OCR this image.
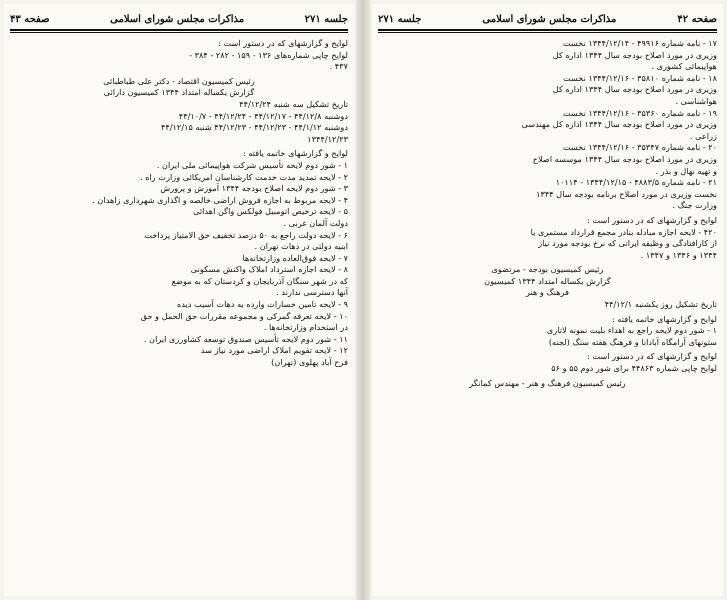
صفحه ۴۳	مذاکرات مجلس شورای اسلامی	جلسه ۲۷۱

لوایح و گزارشهای که در دستور است :

لوایح چاپی شماره‌های ۱۳۶ - ۱۵۹ - ۲۸۲ - ۳۸۴ -

۴۳۷ .

رئیس کمیسیون اقتصاد - دکتر علی طباطبائی

گزارش یکساله امتداد ۱۳۴۴ کمیسیون دارائی

تاریخ تشکیل سه شنبه ۴۴/۱۲/۲۴

دوشنبه ۴۴/۱۲/۸ - ۴۴/۱۲/۱۷ - ۴۴/۱۲/۲۴ - ۴۴/۱۰/۷

دوشنبه ۴۴/۱/۱۲ - ۴۴/۱۲/۲۳ - ۴۴/۱۲/۲۳ شنبه ۴۴/۱۲/۱۵

۱۳۴۴/۱۲/۲۳

لوایح و گزارشهای خاتمه یافته :

۱ - شور دوم لایحه تأسیس شرکت هواپیمائی ملی ایران .

۲ - لایحه تمدید مدت خدمت کارشناسان امریکائی وزارت راه .

۳ - شور دوم لایحه اصلاح بودجه ۱۳۴۴ آموزش و پرورش

۴ - لایحه مربوط به اجازه فروش اراضی خالصه و اگذاری شهرداری زاهدان .

۵ - لایحه ترخیص اتومبیل فولکس واگن اهدائی

دولت آلمان غربی .

۶ - لایحه دولت راجع به ۵۰ درصد تخفیف حق الامتیاز پرداخت

ابنیه دولتی در دهات تهران .

۷ - لایحه فوق‌العاده وزارتخانه‌ها

۸ - لایحه اجازه استرداد املاک واکنش مسکونی

که در شهر سنگان آذربایجان و کردستان که به موضع

آنها دسترسی ندارند .

۹ - لایحه تامین خسارات وارده به دهات آسیب دیده

۱۰ - لایحه تعرفه گمرکی و مجموعه مقررات حق الحمل و حق

در استخدام وزارتخانه‌ها .

۱۱ - شور دوم لایحه تأسیس صندوق توسعه کشاورزی ایران .

۱۲ - لایحه تقویم املاک اراضی مورد نیاز سد

فرح آباد پهلوی (تهران)

جلسه ۲۷۱	مذاکرات مجلس شورای اسلامی	صفحه ۴۲

۱۷ - نامه شماره ۴۹۹۱۶ - ۱۳۴۴/۱۲/۱۴ نخست

وزیری در مورد اصلاح بودجه سال ۱۳۴۴ اداره کل

هواپیمائی کشوری .

۱۸ - نامه شماره ۳۵۸۱۰ - ۱۳۴۴/۱۲/۱۶ نخست

وزیری در مورد اصلاح بودجه سال ۱۳۴۴ اداره کل

هواشناسی .

۱۹ - نامه شماره ۳۵۳۶۰ - ۱۳۴۴/۱۲/۱۶ نخست

وزیری در مورد اصلاح بودجه سال ۱۳۴۴ اداره کل مهندسی

زراعی .

۲۰ - نامه شماره ۳۵۳۴۷ - ۱۳۴۴/۱۲/۱۶ نخست

وزیری در مورد اصلاح بودجه سال ۱۳۴۴ موسسه اصلاح

و تهیه نهال و بذر .

۲۱ - نامه شماره ۴۸۸۳/۵ - ۱۳۴۴/۱۲/۱۵ - ۱۰۱۱۴

نخست وزیری در مورد اصلاح برنامه بودجه سال ۱۳۴۴

وزارت جنگ .

لوایح و گزارشهای که در دستور است :

۴۲۰ - لایحه اجازه مبادله بنادر مجمع قرارداد مستمری یا

از کارافتادگی و وظیفه ایرانی که نرخ بودجه مورد نیاز

۱۳۴۴ و ۱۳۴۶ و ۱۳۴۷ .

رئیس کمیسیون بودجه - مرتضوی

گزارش یکساله امتداد ۱۳۴۴ کمیسیون

فرهنگ و هنر

تاریخ تشکیل روز یکشنبه ۴۴/۱۲/۱

لوایح و گزارشهای خاتمه یافته :

۱ - شور دوم لایحه راجع به اهداء بلیت نمونه لاتاری

ستونهای آرامگاه آبادانا و فرهنگ هفته سنگ (لجنه)

لوایح و گزارشهای که در دستور است :

لوایح چاپی شماره ۴۴۸۶۳ برای شور دوم ۵۵ و ۵۶

رئیس کمیسیون فرهنگ و هنر - مهندس کمانگر
